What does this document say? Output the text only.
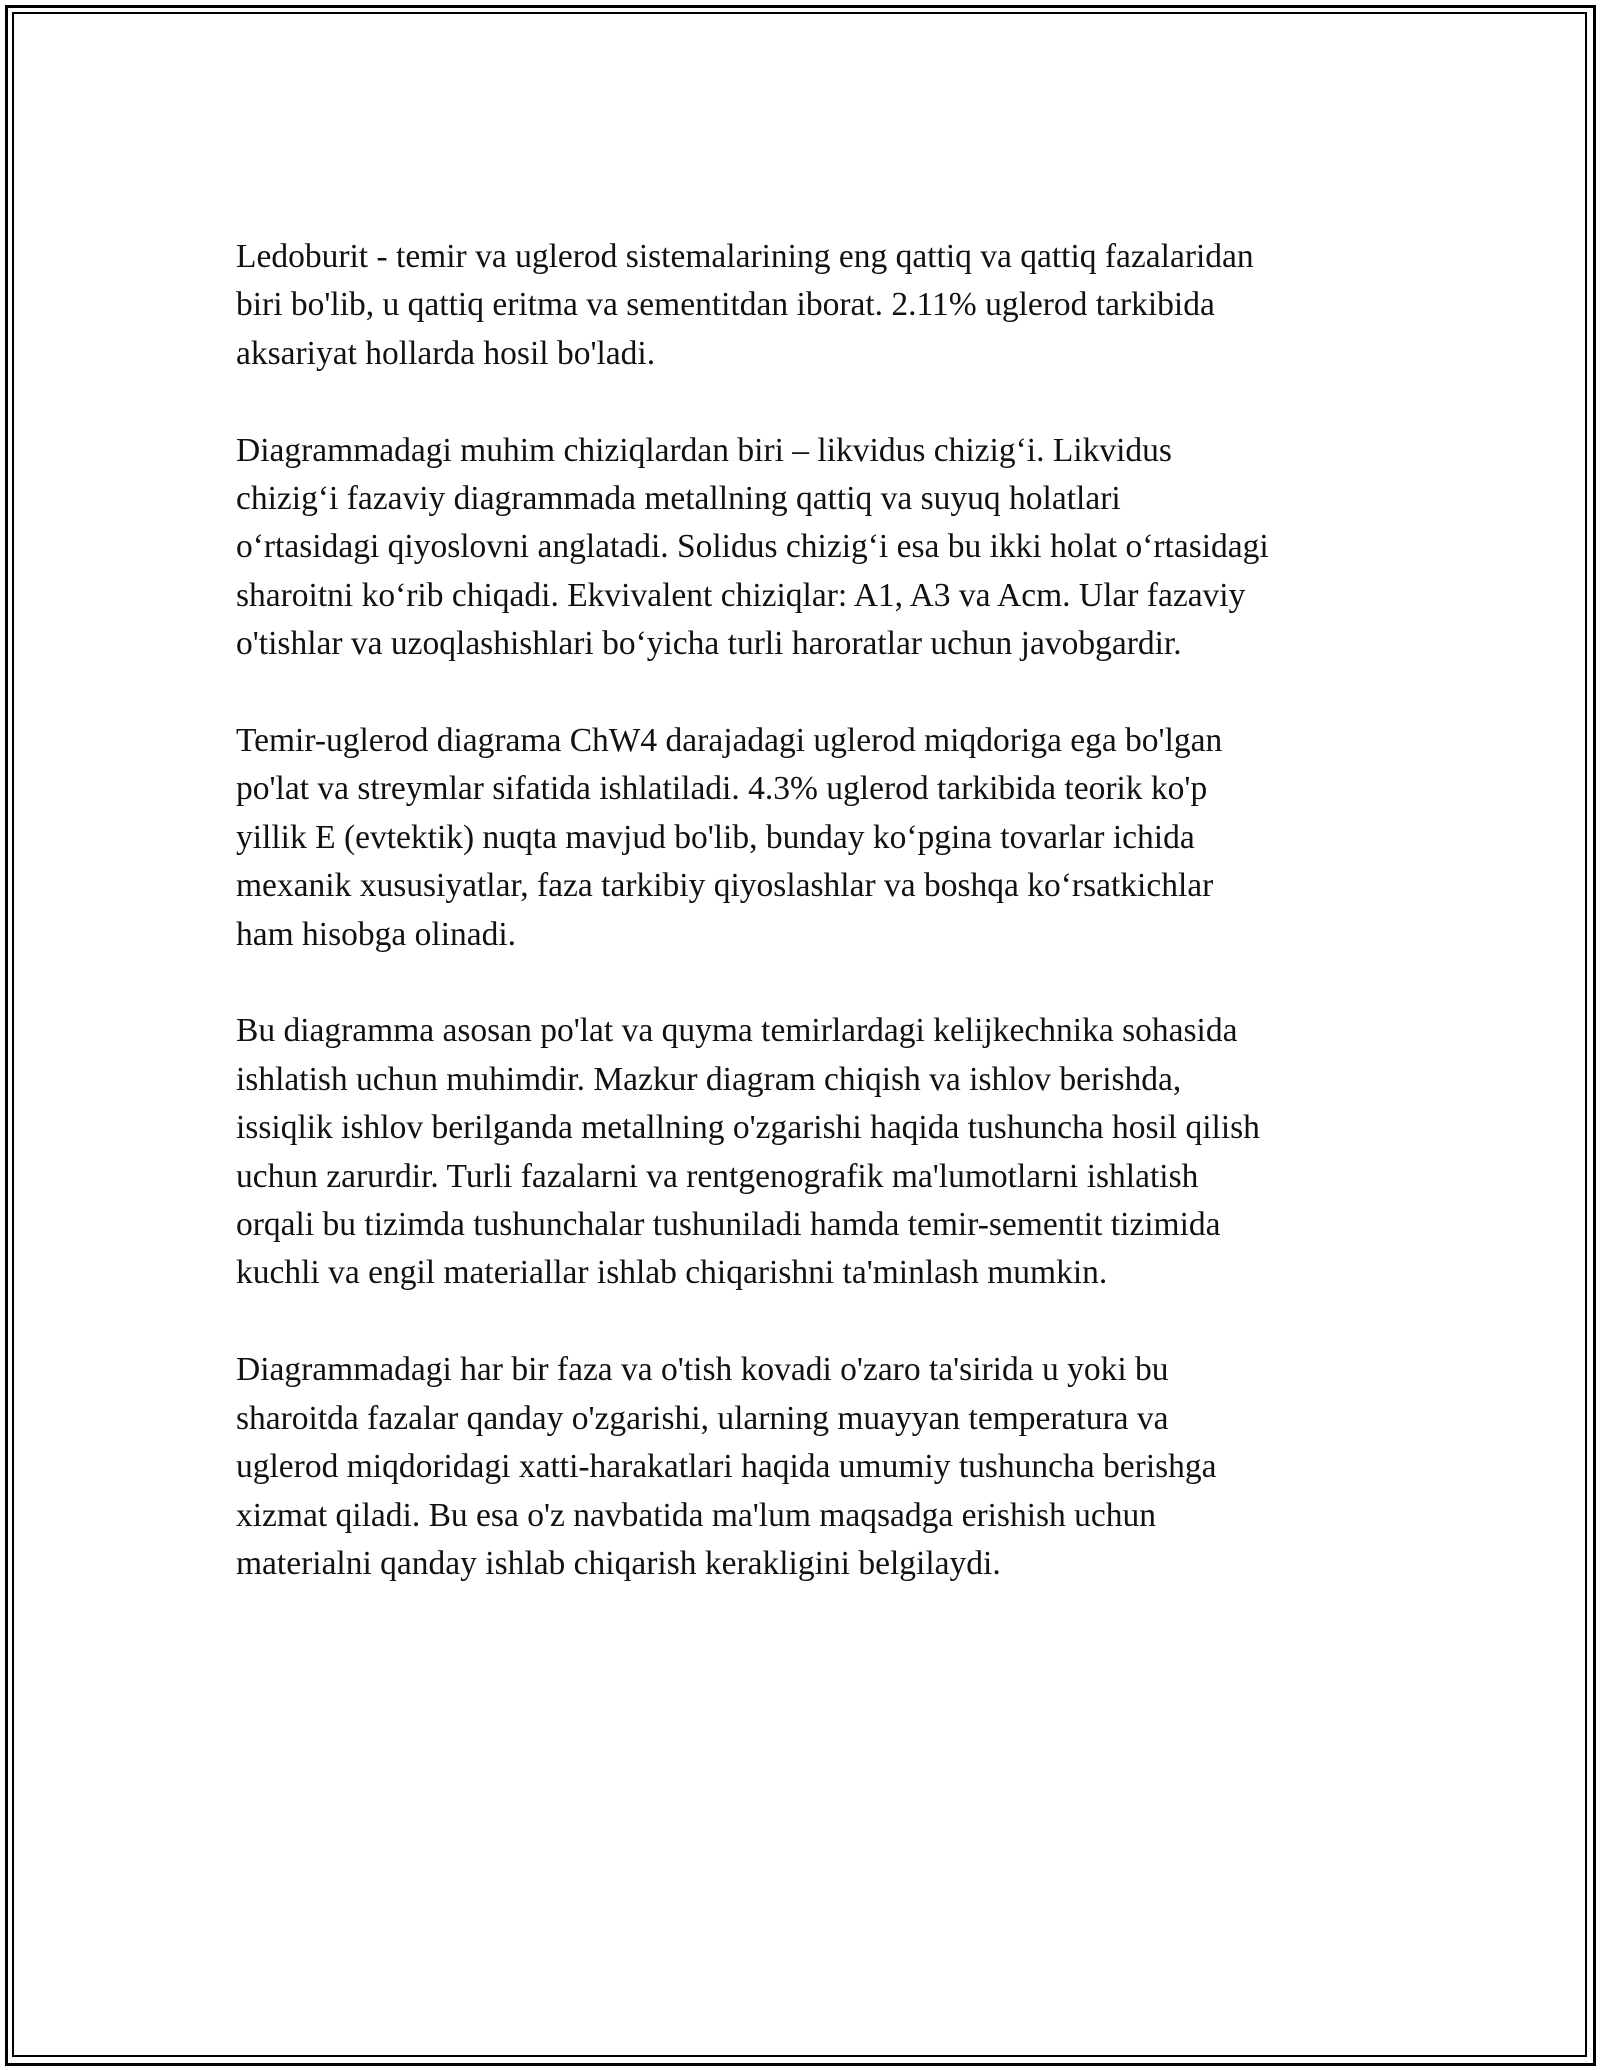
Ledoburit - temir va uglerod sistemalarining eng qattiq va qattiq fazalaridan
biri bo'lib, u qattiq eritma va sementitdan iborat. 2.11% uglerod tarkibida
aksariyat hollarda hosil bo'ladi.

Diagrammadagi muhim chiziqlardan biri – likvidus chizig‘i. Likvidus
chizig‘i fazaviy diagrammada metallning qattiq va suyuq holatlari
o‘rtasidagi qiyoslovni anglatadi. Solidus chizig‘i esa bu ikki holat o‘rtasidagi
sharoitni ko‘rib chiqadi. Ekvivalent chiziqlar: A1, A3 va Acm. Ular fazaviy
o'tishlar va uzoqlashishlari bo‘yicha turli haroratlar uchun javobgardir.

Temir-uglerod diagrama ChW4 darajadagi uglerod miqdoriga ega bo'lgan
po'lat va streymlar sifatida ishlatiladi. 4.3% uglerod tarkibida teorik ko'p
yillik E (evtektik) nuqta mavjud bo'lib, bunday ko‘pgina tovarlar ichida
mexanik xususiyatlar, faza tarkibiy qiyoslashlar va boshqa ko‘rsatkichlar
ham hisobga olinadi.

Bu diagramma asosan po'lat va quyma temirlardagi kelijkechnika sohasida
ishlatish uchun muhimdir. Mazkur diagram chiqish va ishlov berishda,
issiqlik ishlov berilganda metallning o'zgarishi haqida tushuncha hosil qilish
uchun zarurdir. Turli fazalarni va rentgenografik ma'lumotlarni ishlatish
orqali bu tizimda tushunchalar tushuniladi hamda temir-sementit tizimida
kuchli va engil materiallar ishlab chiqarishni ta'minlash mumkin.

Diagrammadagi har bir faza va o'tish kovadi o'zaro ta'sirida u yoki bu
sharoitda fazalar qanday o'zgarishi, ularning muayyan temperatura va
uglerod miqdoridagi xatti-harakatlari haqida umumiy tushuncha berishga
xizmat qiladi. Bu esa o'z navbatida ma'lum maqsadga erishish uchun
materialni qanday ishlab chiqarish kerakligini belgilaydi.
